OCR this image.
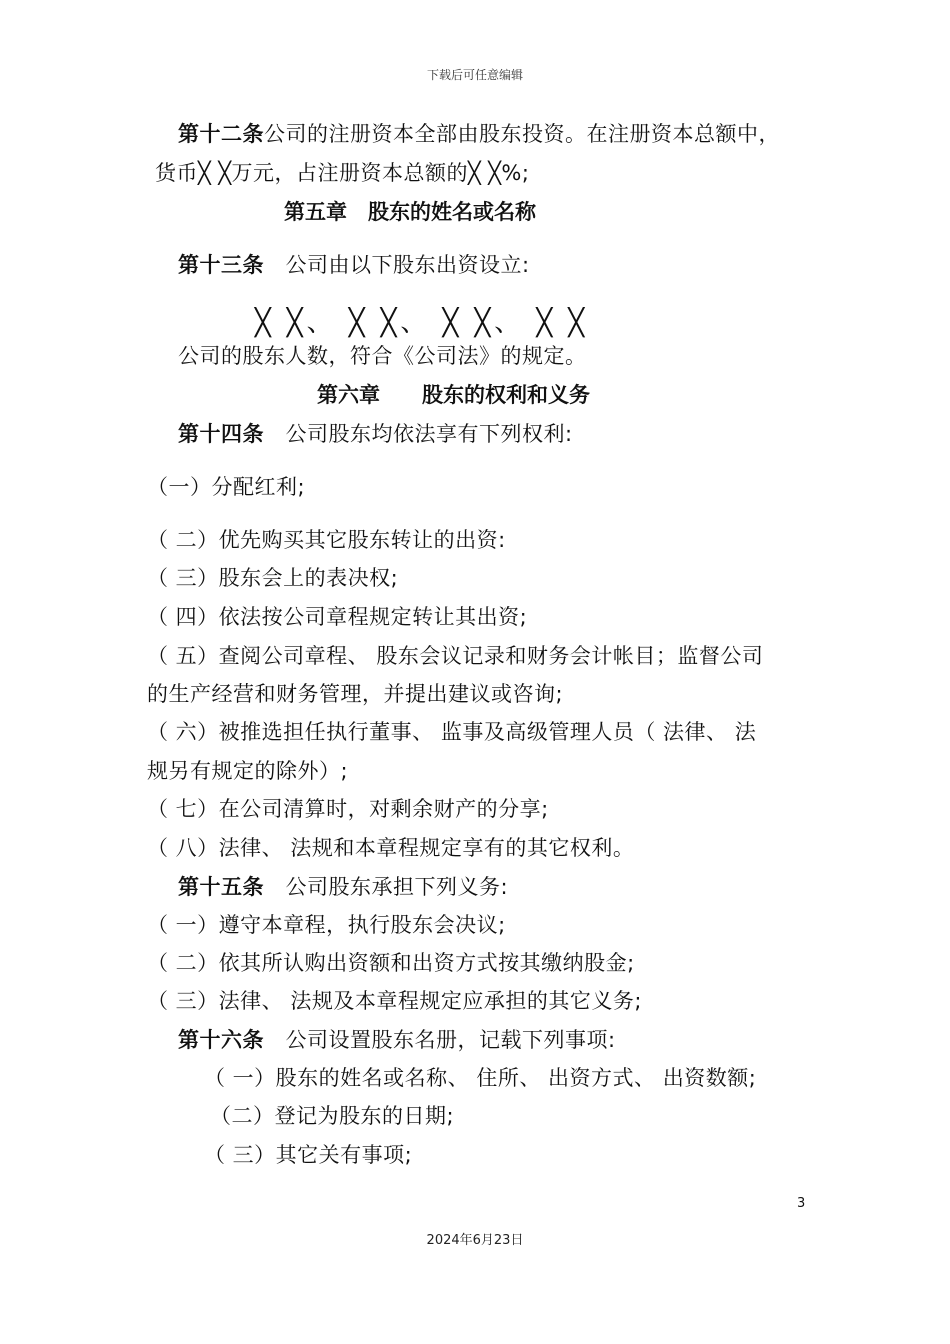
下载后可任意编辑
第十二条公司的注册资本全部由股东投资。在注册资本总额中，
货币╳ ╳万元，占注册资本总额的╳ ╳%;
第五章　股东的姓名或名称
第十三条　公司由以下股东出资设立:
╳ ╳、 ╳ ╳、 ╳ ╳、 ╳ ╳
公司的股东人数，符合《公司法》的规定。
第六章　　股东的权利和义务
第十四条　公司股东均依法享有下列权利:
（一）分配红利;
（ 二）优先购买其它股东转让的出资:
（ 三）股东会上的表决权;
（ 四）依法按公司章程规定转让其出资;
（ 五）查阅公司章程、 股东会议记录和财务会计帐目；监督公司
的生产经营和财务管理，并提出建议或咨询;
（ 六）被推选担任执行董事、 监事及高级管理人员（ 法律、 法
规另有规定的除外）;
（ 七）在公司清算时，对剩余财产的分享;
（ 八）法律、 法规和本章程规定享有的其它权利。
第十五条　公司股东承担下列义务:
（ 一）遵守本章程，执行股东会决议;
（ 二）依其所认购出资额和出资方式按其缴纳股金;
（ 三）法律、 法规及本章程规定应承担的其它义务;
第十六条　公司设置股东名册，记载下列事项:
（ 一）股东的姓名或名称、 住所、 出资方式、 出资数额;
（二）登记为股东的日期;
（ 三）其它关有事项;
3
2024年6月23日
